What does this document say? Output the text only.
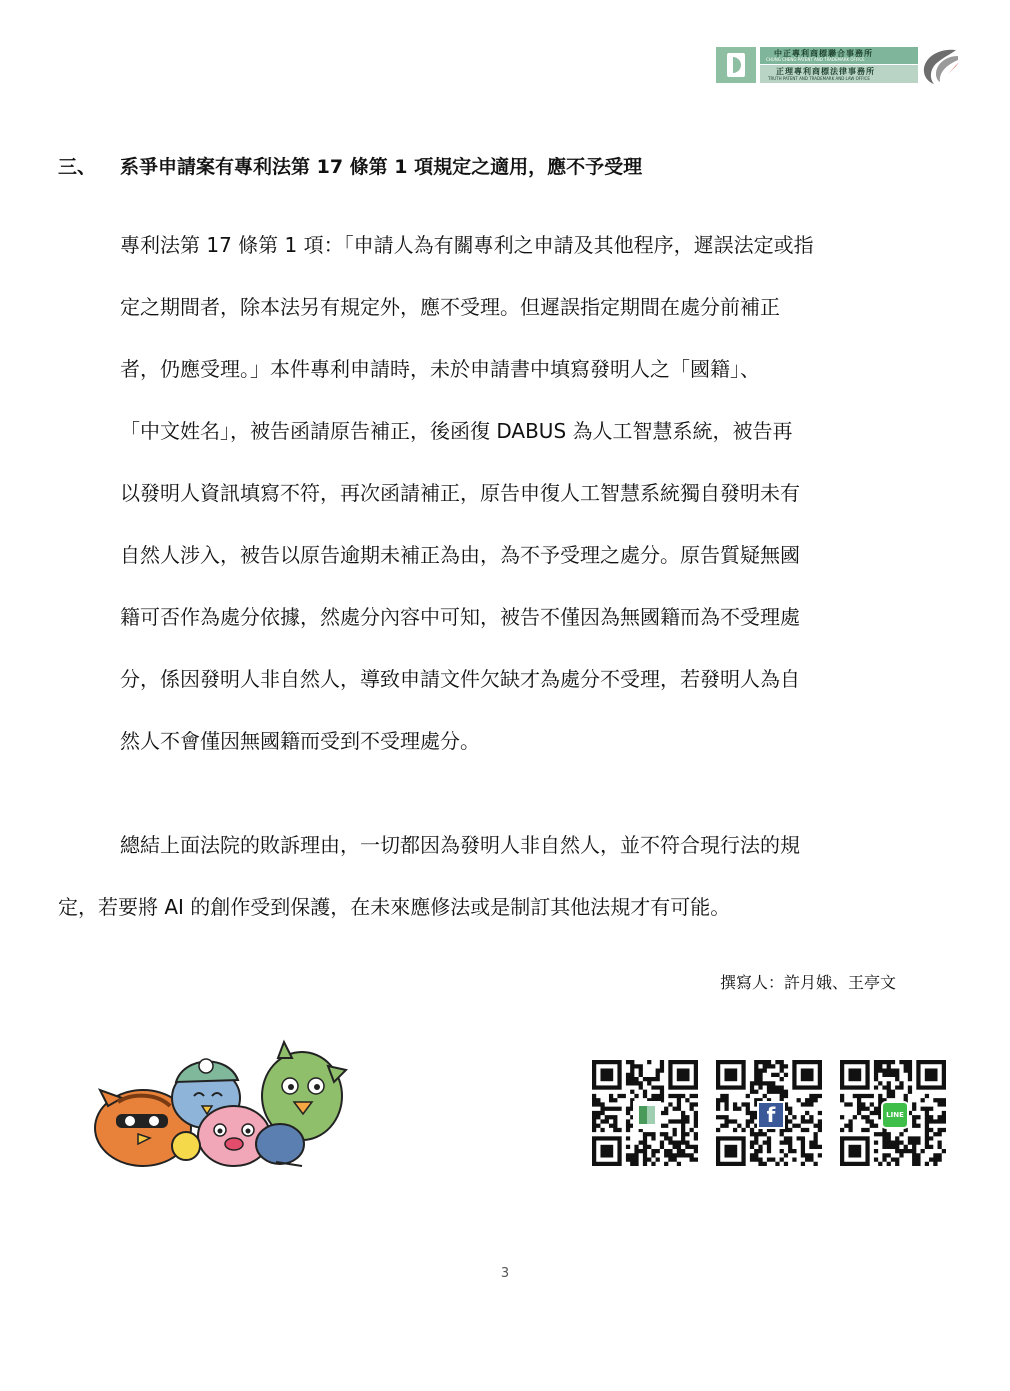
中正專利商標聯合事務所
CHUNG CHENG PATENT AND TRADEMARK OFFICE
正理專利商標法律事務所
TRUTH PATENT AND TRADEMARK AND LAW OFFICE
三、 系爭申請案有專利法第 17 條第 1 項規定之適用，應不予受理
專利法第 17 條第 1 項：「申請人為有關專利之申請及其他程序，遲誤法定或指
定之期間者，除本法另有規定外，應不受理。但遲誤指定期間在處分前補正
者，仍應受理。」本件專利申請時，未於申請書中填寫發明人之「國籍」、
「中文姓名」，被告函請原告補正，後函復 DABUS 為人工智慧系統，被告再
以發明人資訊填寫不符，再次函請補正，原告申復人工智慧系統獨自發明未有
自然人涉入，被告以原告逾期未補正為由，為不予受理之處分。原告質疑無國
籍可否作為處分依據，然處分內容中可知，被告不僅因為無國籍而為不受理處
分，係因發明人非自然人，導致申請文件欠缺才為處分不受理，若發明人為自
然人不會僅因無國籍而受到不受理處分。
總結上面法院的敗訴理由，一切都因為發明人非自然人，並不符合現行法的規
定，若要將 AI 的創作受到保護，在未來應修法或是制訂其他法規才有可能。
撰寫人：許月娥、王亭文
f	LINE
3
